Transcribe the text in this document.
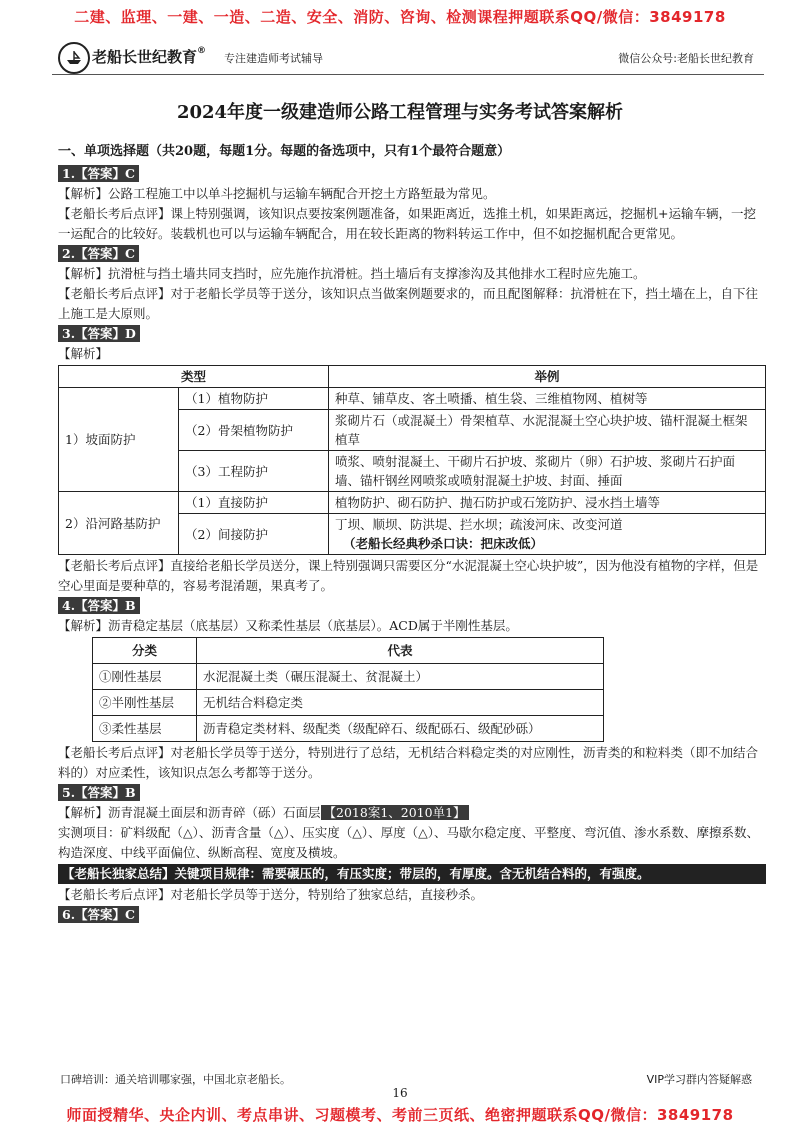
二建、监理、一建、一造、二造、安全、消防、咨询、检测课程押题联系QQ/微信：3849178
老船长世纪教育®
专注建造师考试辅导	微信公众号:老船长世纪教育
2024年度一级建造师公路工程管理与实务考试答案解析

一、单项选择题（共20题，每题1分。每题的备选项中，只有1个最符合题意）

1.【答案】C

【解析】公路工程施工中以单斗挖掘机与运输车辆配合开挖土方路堑最为常见。

【老船长考后点评】课上特别强调，该知识点要按案例题准备，如果距离近，选推土机，如果距离远，挖掘机+运输车辆，一挖一运配合的比较好。装载机也可以与运输车辆配合，用在较长距离的物料转运工作中，但不如挖掘机配合更常见。

2.【答案】C

【解析】抗滑桩与挡土墙共同支挡时，应先施作抗滑桩。挡土墙后有支撑渗沟及其他排水工程时应先施工。

【老船长考后点评】对于老船长学员等于送分，该知识点当做案例题要求的，而且配图解释：抗滑桩在下，挡土墙在上，自下往上施工是大原则。

3.【答案】D

【解析】

类型		举例
1）坡面防护	（1）植物防护	种草、铺草皮、客土喷播、植生袋、三维植物网、植树等
	（2）骨架植物防护	浆砌片石（或混凝土）骨架植草、水泥混凝土空心块护坡、锚杆混凝土框架植草
	（3）工程防护	喷浆、喷射混凝土、干砌片石护坡、浆砌片（卵）石护坡、浆砌片石护面墙、锚杆钢丝网喷浆或喷射混凝土护坡、封面、捶面
2）沿河路基防护	（1）直接防护	植物防护、砌石防护、抛石防护或石笼防护、浸水挡土墙等
	（2）间接防护	丁坝、顺坝、防洪堤、拦水坝；疏浚河床、改变河道
（老船长经典秒杀口诀：把床改低）

【老船长考后点评】直接给老船长学员送分，课上特别强调只需要区分“水泥混凝土空心块护坡”，因为他没有植物的字样，但是空心里面是要种草的，容易考混淆题，果真考了。

4.【答案】B

【解析】沥青稳定基层（底基层）又称柔性基层（底基层）。ACD属于半刚性基层。

分类	代表
①刚性基层	水泥混凝土类（碾压混凝土、贫混凝土）
②半刚性基层	无机结合料稳定类
③柔性基层	沥青稳定类材料、级配类（级配碎石、级配砾石、级配砂砾）

【老船长考后点评】对老船长学员等于送分，特别进行了总结，无机结合料稳定类的对应刚性，沥青类的和粒料类（即不加结合料的）对应柔性，该知识点怎么考都等于送分。

5.【答案】B

【解析】沥青混凝土面层和沥青碎（砾）石面层 【2018案1、2010单1】

实测项目：矿料级配（△）、沥青含量（△）、压实度（△）、厚度（△）、马歇尔稳定度、平整度、弯沉值、渗水系数、摩擦系数、构造深度、中线平面偏位、纵断高程、宽度及横坡。

【老船长独家总结】关键项目规律：需要碾压的，有压实度；带层的，有厚度。含无机结合料的，有强度。

【老船长考后点评】对老船长学员等于送分，特别给了独家总结，直接秒杀。

6.【答案】C
口碑培训：通关培训哪家强，中国北京老船长。	VIP学习群内答疑解惑
16
师面授精华、央企内训、考点串讲、习题模考、考前三页纸、绝密押题联系QQ/微信：3849178
